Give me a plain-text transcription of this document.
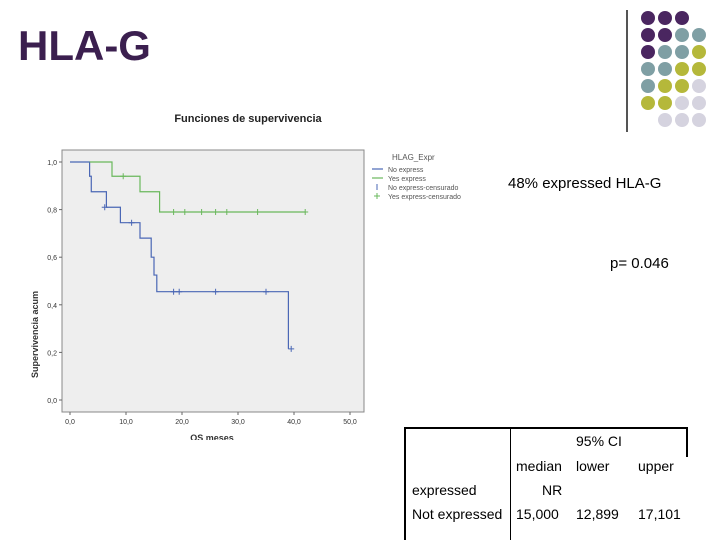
HLA-G
Funciones de supervivencia
Supervivencia acum
OS meses
0,0
0,2
0,4
0,6
0,8
1,0
0,0	10,0	20,0	30,0	40,0	50,0
HLAG_Expr
No express
Yes express
No express-censurado
Yes express-censurado
48% expressed HLA-G
p= 0.046
95% CI
median lower upper
expressed	NR
Not expressed 15,000 12,899 17,101
